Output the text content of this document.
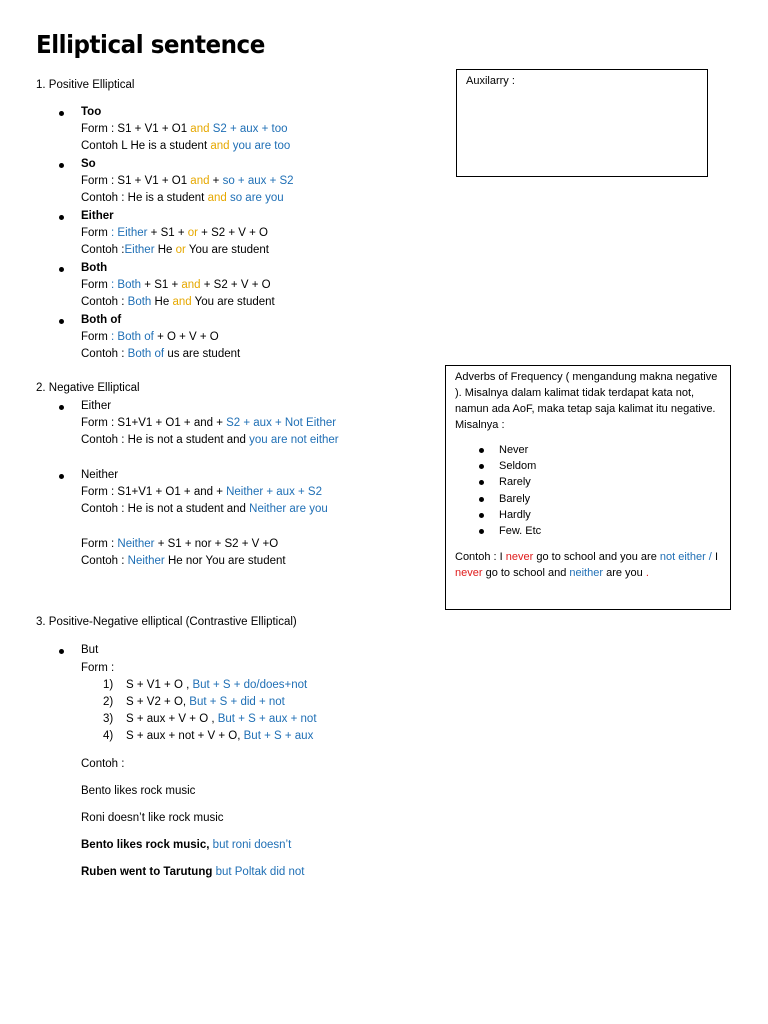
Elliptical sentence
1. Positive Elliptical
Too
Form : S1 + V1 + O1 and S2 + aux + too
Contoh L He is a student and you are too
So
Form : S1 + V1 + O1 and + so + aux + S2
Contoh : He is a student and so are you
Either
Form : Either + S1 + or + S2 + V + O
Contoh :Either He or You are student
Both
Form : Both + S1 + and + S2 + V + O
Contoh : Both He and You are student
Both of
Form : Both of + O + V + O
Contoh : Both of us are student
2. Negative Elliptical
Either
Form : S1+V1 + O1 + and + S2 + aux + Not Either
Contoh : He is not a student and you are not either
Neither
Form : S1+V1 + O1 + and + Neither + aux + S2
Contoh : He is not a student and Neither are you
Form : Neither + S1 + nor + S2 + V +O
Contoh : Neither He nor You are student
3. Positive-Negative elliptical (Contrastive Elliptical)
But
Form :
1) S + V1 + O , But + S + do/does+not
2) S + V2 + O, But + S + did + not
3) S + aux + V + O , But + S + aux + not
4) S + aux + not + V + O, But + S + aux
Contoh :
Bento likes rock music
Roni doesn’t like rock music
Bento likes rock music, but roni doesn’t
Ruben went to Tarutung but Poltak did not
Auxilarry :
Adverbs of Frequency ( mengandung makna negative ). Misalnya dalam kalimat tidak terdapat kata not, namun ada AoF, maka tetap saja kalimat itu negative. Misalnya :
Never
Seldom
Rarely
Barely
Hardly
Few. Etc
Contoh : I never go to school and you are not either / I never go to school and neither are you .
